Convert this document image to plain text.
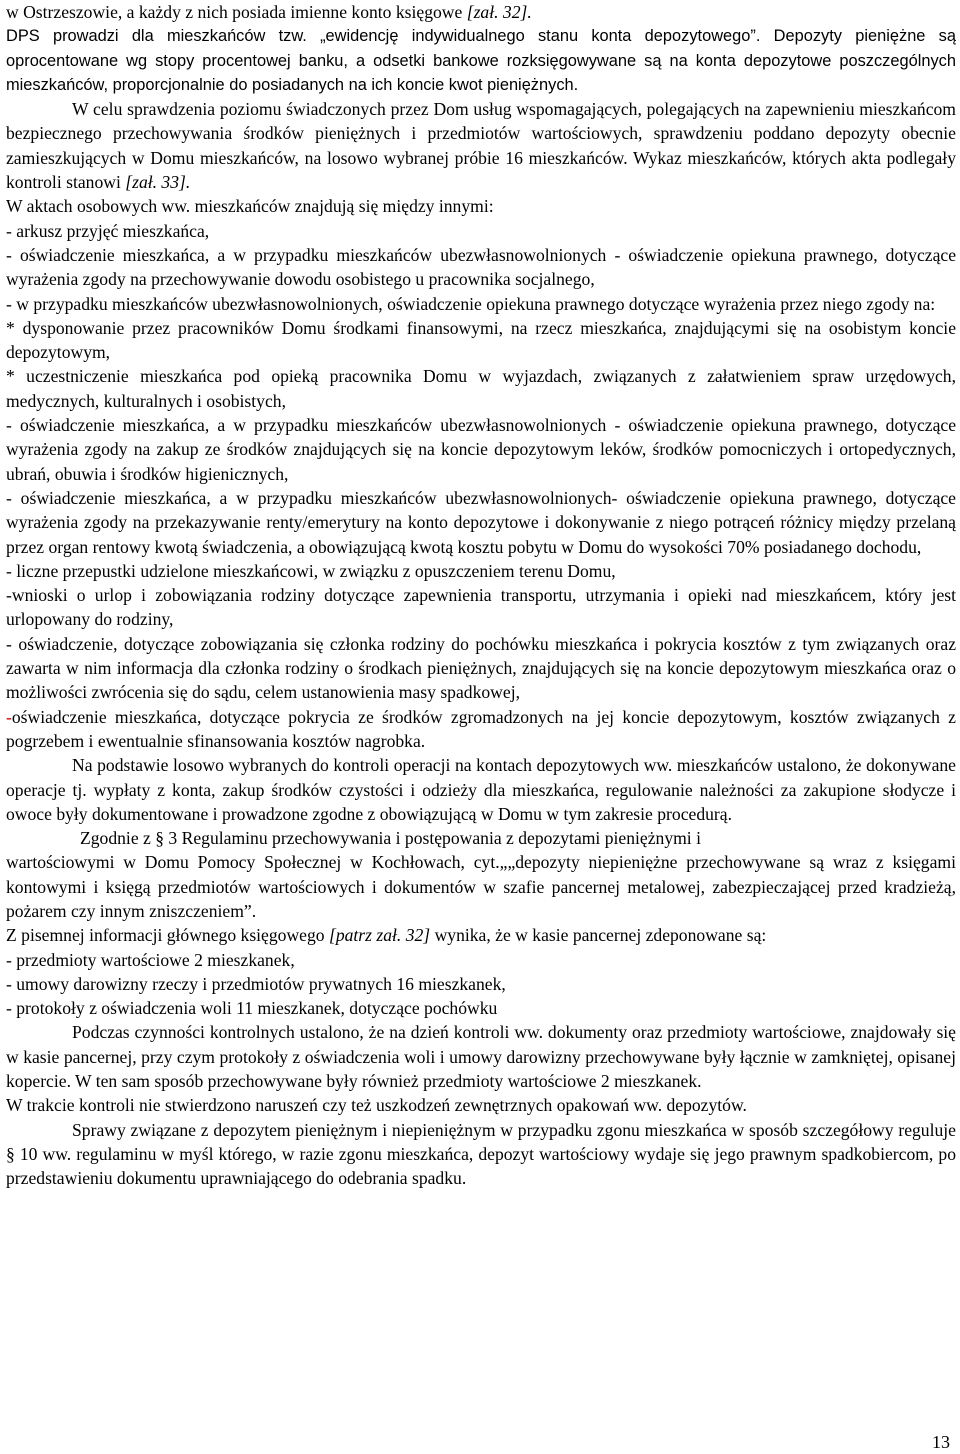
w Ostrzeszowie, a każdy z nich posiada imienne konto księgowe [zał. 32].

DPS prowadzi dla mieszkańców tzw. „ewidencję indywidualnego stanu konta depozytowego”. Depozyty pieniężne są oprocentowane wg stopy procentowej banku, a odsetki bankowe rozksięgowywane są na konta depozytowe poszczególnych mieszkańców, proporcjonalnie do posiadanych na ich koncie kwot pieniężnych.

W celu sprawdzenia poziomu świadczonych przez Dom usług wspomagających, polegających na zapewnieniu mieszkańcom bezpiecznego przechowywania środków pieniężnych i przedmiotów wartościowych, sprawdzeniu poddano depozyty obecnie zamieszkujących w Domu mieszkańców, na losowo wybranej próbie 16 mieszkańców. Wykaz mieszkańców, których akta podlegały kontroli stanowi [zał. 33].

W aktach osobowych ww. mieszkańców znajdują się między innymi:

- arkusz przyjęć mieszkańca,

- oświadczenie mieszkańca, a w przypadku mieszkańców ubezwłasnowolnionych - oświadczenie opiekuna prawnego, dotyczące wyrażenia zgody na przechowywanie dowodu osobistego u pracownika socjalnego,

- w przypadku mieszkańców ubezwłasnowolnionych, oświadczenie opiekuna prawnego dotyczące wyrażenia przez niego zgody na:

* dysponowanie przez pracowników Domu środkami finansowymi, na rzecz mieszkańca, znajdującymi się na osobistym koncie depozytowym,

* uczestniczenie mieszkańca pod opieką pracownika Domu w wyjazdach, związanych z załatwieniem spraw urzędowych, medycznych, kulturalnych i osobistych,

- oświadczenie mieszkańca, a w przypadku mieszkańców ubezwłasnowolnionych - oświadczenie opiekuna prawnego, dotyczące wyrażenia zgody na zakup ze środków znajdujących się na koncie depozytowym leków, środków pomocniczych i ortopedycznych, ubrań, obuwia i środków higienicznych,

- oświadczenie mieszkańca, a w przypadku mieszkańców ubezwłasnowolnionych- oświadczenie opiekuna prawnego, dotyczące wyrażenia zgody na przekazywanie renty/emerytury na konto depozytowe i dokonywanie z niego potrąceń różnicy między przelaną przez organ rentowy kwotą świadczenia, a obowiązującą kwotą kosztu pobytu w Domu do wysokości 70% posiadanego dochodu,

- liczne przepustki udzielone mieszkańcowi, w związku z opuszczeniem terenu Domu,

-wnioski o urlop i zobowiązania rodziny dotyczące zapewnienia transportu, utrzymania i opieki nad mieszkańcem, który jest urlopowany do rodziny,

- oświadczenie, dotyczące zobowiązania się członka rodziny do pochówku mieszkańca i pokrycia kosztów z tym związanych oraz zawarta w nim informacja dla członka rodziny o środkach pieniężnych, znajdujących się na koncie depozytowym mieszkańca oraz o możliwości zwrócenia się do sądu, celem ustanowienia masy spadkowej,

-oświadczenie mieszkańca, dotyczące pokrycia ze środków zgromadzonych na jej koncie depozytowym, kosztów związanych z pogrzebem i ewentualnie sfinansowania kosztów nagrobka.

Na podstawie losowo wybranych do kontroli operacji na kontach depozytowych ww. mieszkańców ustalono, że dokonywane operacje tj. wypłaty z konta, zakup środków czystości i odzieży dla mieszkańca, regulowanie należności za zakupione słodycze i owoce były dokumentowane i prowadzone zgodne z obowiązującą w Domu w tym zakresie procedurą.

Zgodnie z § 3 Regulaminu przechowywania i postępowania z depozytami pieniężnymi i

wartościowymi w Domu Pomocy Społecznej w Kochłowach, cyt.„„depozyty niepieniężne przechowywane są wraz z księgami kontowymi i księgą przedmiotów wartościowych i dokumentów w szafie pancernej metalowej, zabezpieczającej przed kradzieżą, pożarem czy innym zniszczeniem”.

Z pisemnej informacji głównego księgowego [patrz zał. 32] wynika, że w kasie pancernej zdeponowane są:

- przedmioty wartościowe 2 mieszkanek,

- umowy darowizny rzeczy i przedmiotów prywatnych 16 mieszkanek,

- protokoły z oświadczenia woli 11 mieszkanek, dotyczące pochówku

Podczas czynności kontrolnych ustalono, że na dzień kontroli ww. dokumenty oraz przedmioty wartościowe, znajdowały się w kasie pancernej, przy czym protokoły z oświadczenia woli i umowy darowizny przechowywane były łącznie w zamkniętej, opisanej kopercie. W ten sam sposób przechowywane były również przedmioty wartościowe 2 mieszkanek.

W trakcie kontroli nie stwierdzono naruszeń czy też uszkodzeń zewnętrznych opakowań ww. depozytów.

Sprawy związane z depozytem pieniężnym i niepieniężnym w przypadku zgonu mieszkańca w sposób szczegółowy reguluje § 10 ww. regulaminu w myśl którego, w razie zgonu mieszkańca, depozyt wartościowy wydaje się jego prawnym spadkobiercom, po przedstawieniu dokumentu uprawniającego do odebrania spadku.

13
